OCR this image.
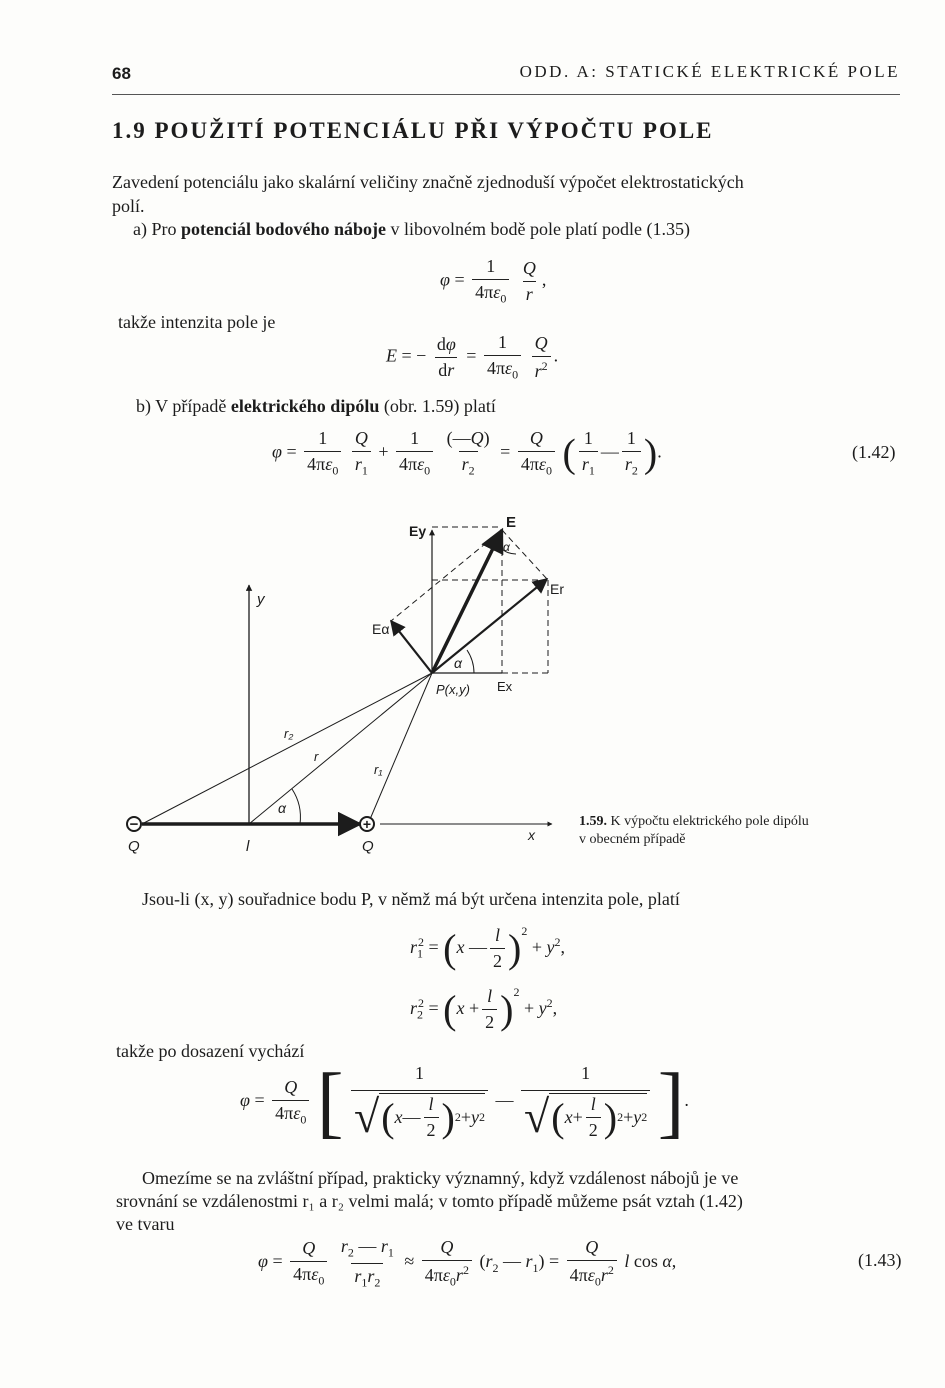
68	ODD. A: STATICKÉ ELEKTRICKÉ POLE
1.9 POUŽITÍ POTENCIÁLU PŘI VÝPOČTU POLE
Zavedení potenciálu jako skalární veličiny značně zjednoduší výpočet elektrostatických
polí.
a) Pro potenciál bodového náboje v libovolném bodě pole platí podle (1.35)
$\varphi = \frac{1}{4\pi\varepsilon_0}$
$\frac{Q}{r}$ ,
takže intenzita pole je
E = − $\frac{d\varphi}{dr} = \frac{1}{4\pi\varepsilon_0}$
$\frac{Q}{r^2}$ .
b) V případě elektrického dipólu (obr. 1.59) platí
$\varphi = \frac{1}{4\pi\varepsilon_0}$
$\frac{Q}{r_1} + \frac{1}{4\pi\varepsilon_0}$
$\frac{(—Q)}{r_2} = \frac{Q}{4\pi\varepsilon_0}$ ( $\frac{1}{r_1}$ — $\frac{1}{r_2}$ ).	(1.42)
−	+
Q	Q
l
x
y
α
r₂
r
r₁
P(x,y)
α
Ex
Ey	E
Er
Eα
α
1.59. K výpočtu elektrického pole dipólu
v obecném případě
Jsou-li (x, y) souřadnice bodu P, v němž má být určena intenzita pole, platí
$r_1^2 = (x$ — $\frac{l}{2} )^2 + y^2$,
$r_2^2 = (x + \frac{l}{2} )^2 + y^2$,
takže po dosazení vychází
$\varphi = \frac{Q}{4\pi\varepsilon_0}$ [ $\frac{1}{√ ( x — \frac{l}{2} ) 2 + y 2}$ — $\frac{1}{√ ( x + \frac{l}{2} ) 2 + y 2}$ ].
Omezíme se na zvláštní případ, prakticky významný, když vzdálenost nábojů je ve
srovnání se vzdálenostmi r₁ a r₂ velmi malá; v tomto případě můžeme psát vztah (1.42)
ve tvaru
$\varphi = \frac{Q}{4\pi\varepsilon_0}$
$\frac{r_2 — r_1}{r_1r_2} \approx \frac{Q}{4\pi\varepsilon_0r^2} (r_2$ — $r_1) = \frac{Q}{4\pi\varepsilon_0r^2}$ l cos α,	(1.43)
